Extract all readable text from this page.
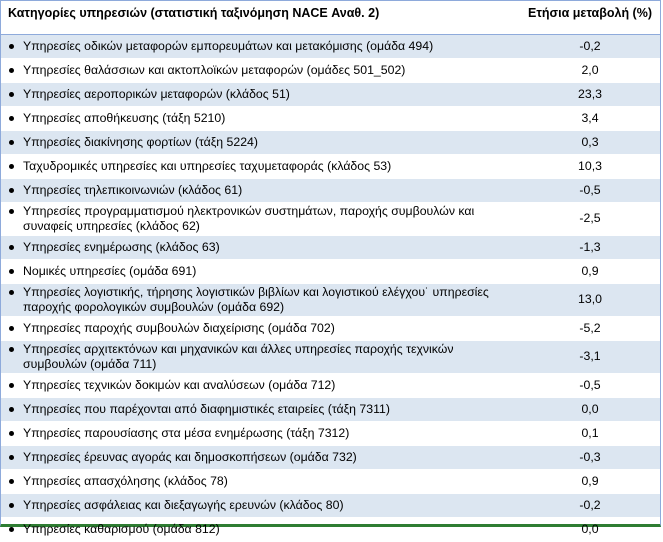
Κατηγορίες υπηρεσιών (στατιστική ταξινόμηση NACE Αναθ. 2)	Ετήσια μεταβολή (%)

Υπηρεσίες οδικών μεταφορών εμπορευμάτων και μετακόμισης (ομάδα 494)	-0,2

Υπηρεσίες θαλάσσιων και ακτοπλοϊκών μεταφορών (ομάδες 501_502)	2,0

Υπηρεσίες αεροπορικών μεταφορών (κλάδος 51)	23,3

Υπηρεσίες αποθήκευσης (τάξη 5210)	3,4

Υπηρεσίες διακίνησης φορτίων (τάξη 5224)	0,3

Ταχυδρομικές υπηρεσίες και υπηρεσίες ταχυμεταφοράς (κλάδος 53)	10,3

Υπηρεσίες τηλεπικοινωνιών (κλάδος 61)	-0,5

Υπηρεσίες προγραμματισμού ηλεκτρονικών συστημάτων, παροχής συμβουλών και συναφείς υπηρεσίες (κλάδος 62)	-2,5

Υπηρεσίες ενημέρωσης (κλάδος 63)	-1,3

Νομικές υπηρεσίες (ομάδα 691)	0,9

Υπηρεσίες λογιστικής, τήρησης λογιστικών βιβλίων και λογιστικού ελέγχου˙ υπηρεσίες παροχής φορολογικών συμβουλών (ομάδα 692)	13,0

Υπηρεσίες παροχής συμβουλών διαχείρισης (ομάδα 702)	-5,2

Υπηρεσίες αρχιτεκτόνων και μηχανικών και άλλες υπηρεσίες παροχής τεχνικών συμβουλών (ομάδα 711)	-3,1

Υπηρεσίες τεχνικών δοκιμών και αναλύσεων (ομάδα 712)	-0,5

Υπηρεσίες που παρέχονται από διαφημιστικές εταιρείες (τάξη 7311)	0,0

Υπηρεσίες παρουσίασης στα μέσα ενημέρωσης (τάξη 7312)	0,1

Υπηρεσίες έρευνας αγοράς και δημοσκοπήσεων (ομάδα 732)	-0,3

Υπηρεσίες απασχόλησης (κλάδος 78)	0,9

Υπηρεσίες ασφάλειας και διεξαγωγής ερευνών (κλάδος 80)	-0,2

Υπηρεσίες καθαρισμού (ομάδα 812)	0,0
